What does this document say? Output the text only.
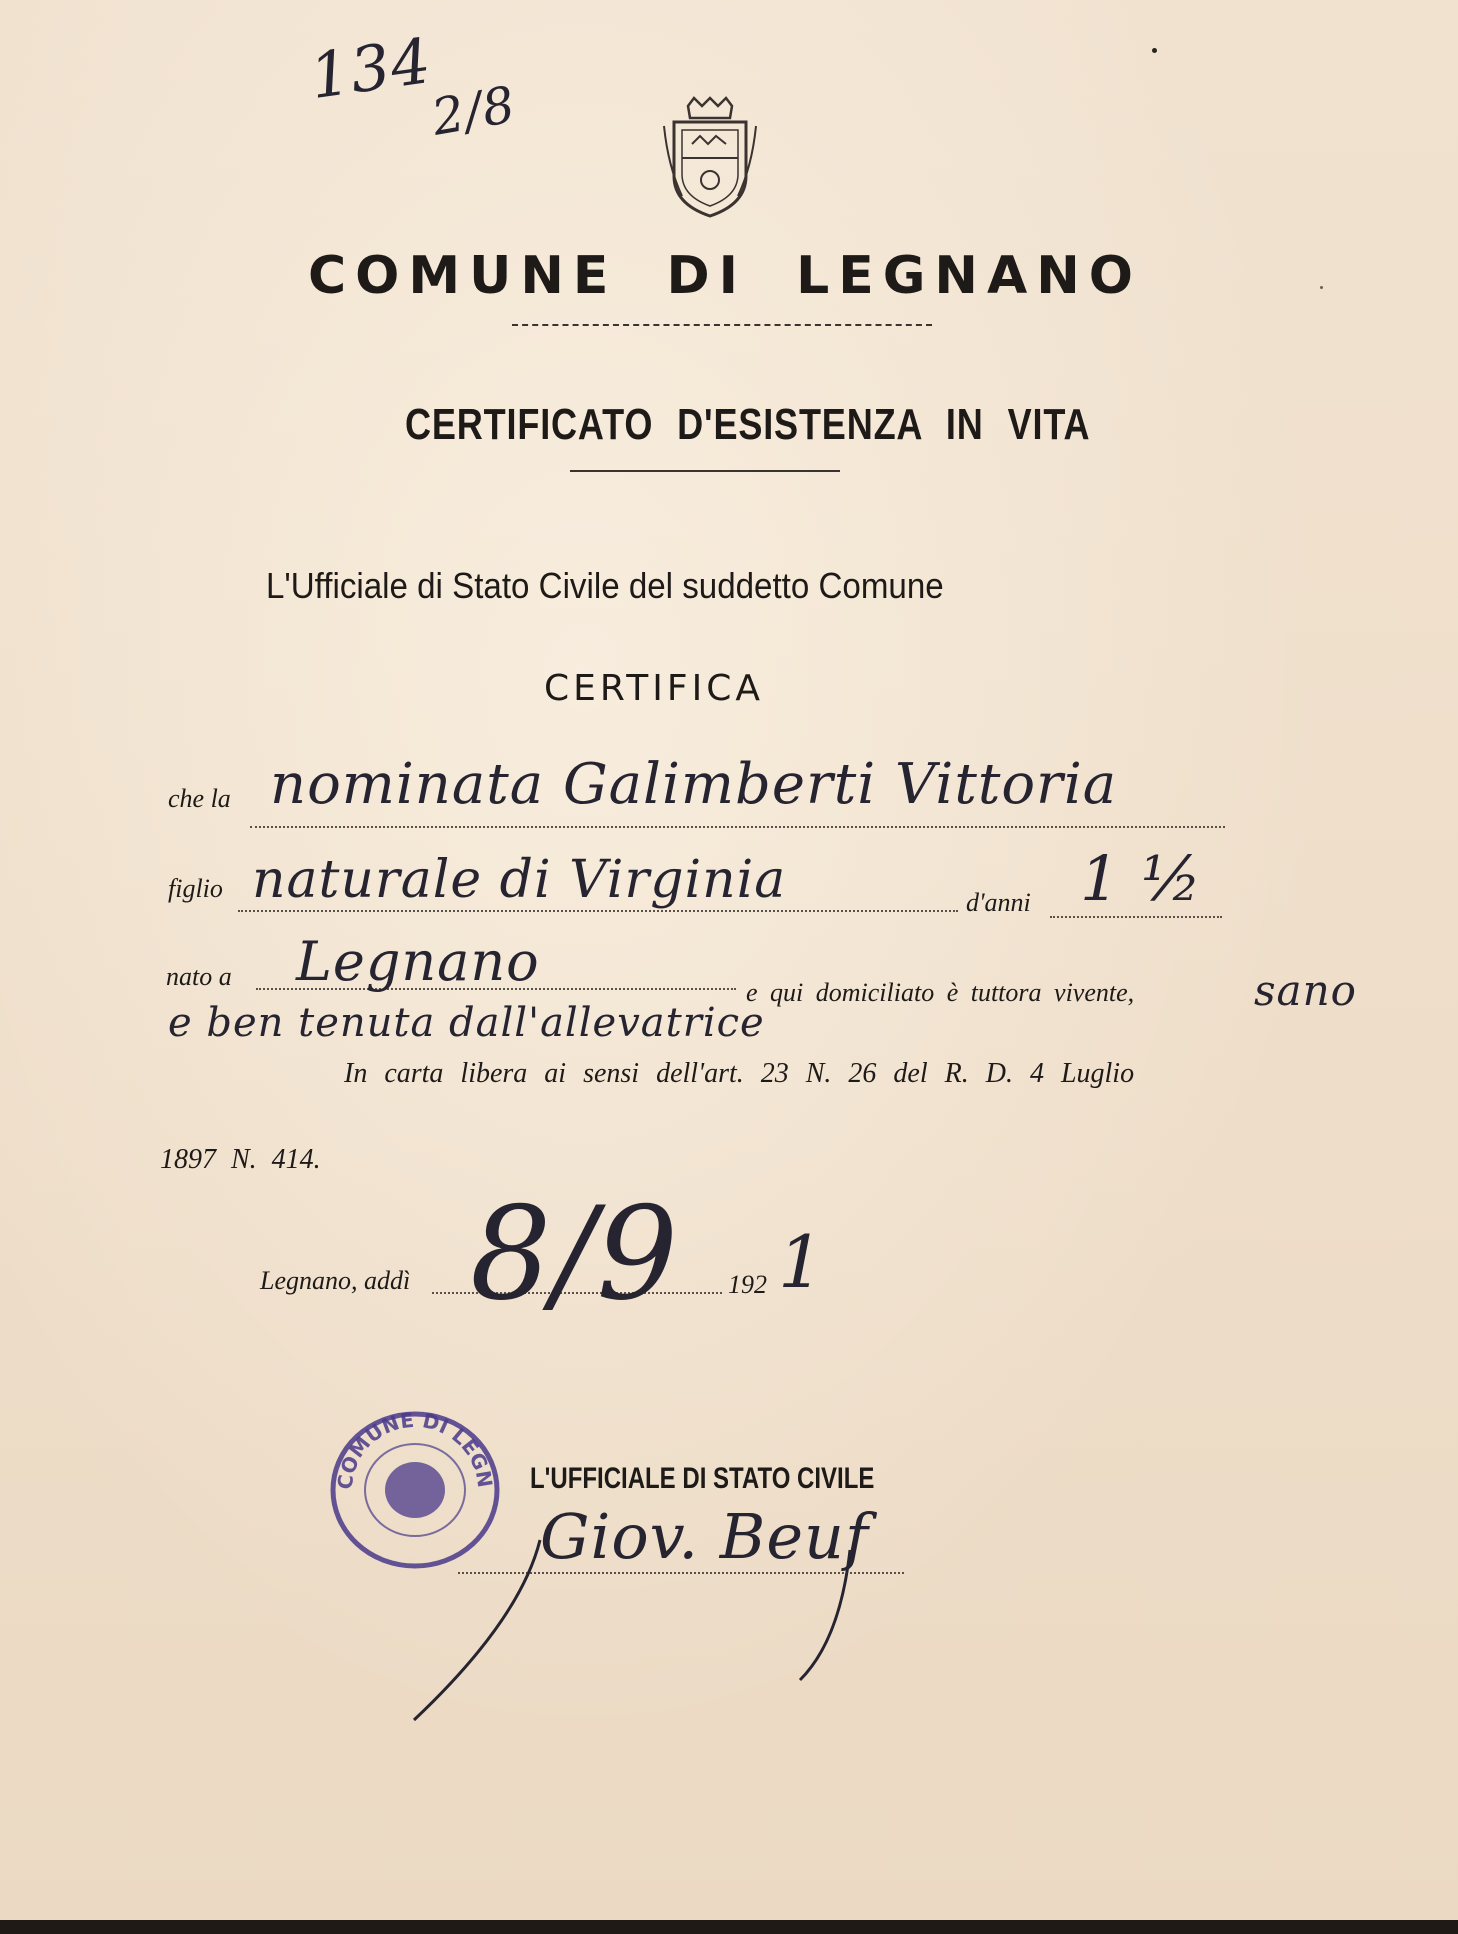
134
2/8
COMUNE DI LEGNANO
CERTIFICATO D'ESISTENZA IN VITA
L'Ufficiale di Stato Civile del suddetto Comune
CERTIFICA
che la nominata Galimberti Vittoria
figlio naturale di Virginia	d'anni 1 ½
nato a Legnano	e qui domiciliato è tuttora vivente,	sano
e ben tenuta dall'allevatrice
In carta libera ai sensi dell'art. 23 N. 26 del R. D. 4 Luglio
1897 N. 414.
Legnano, addì 8/9 192 1
COMUNE DI LEGNANO
L'UFFICIALE DI STATO CIVILE
Giov. Beuf
